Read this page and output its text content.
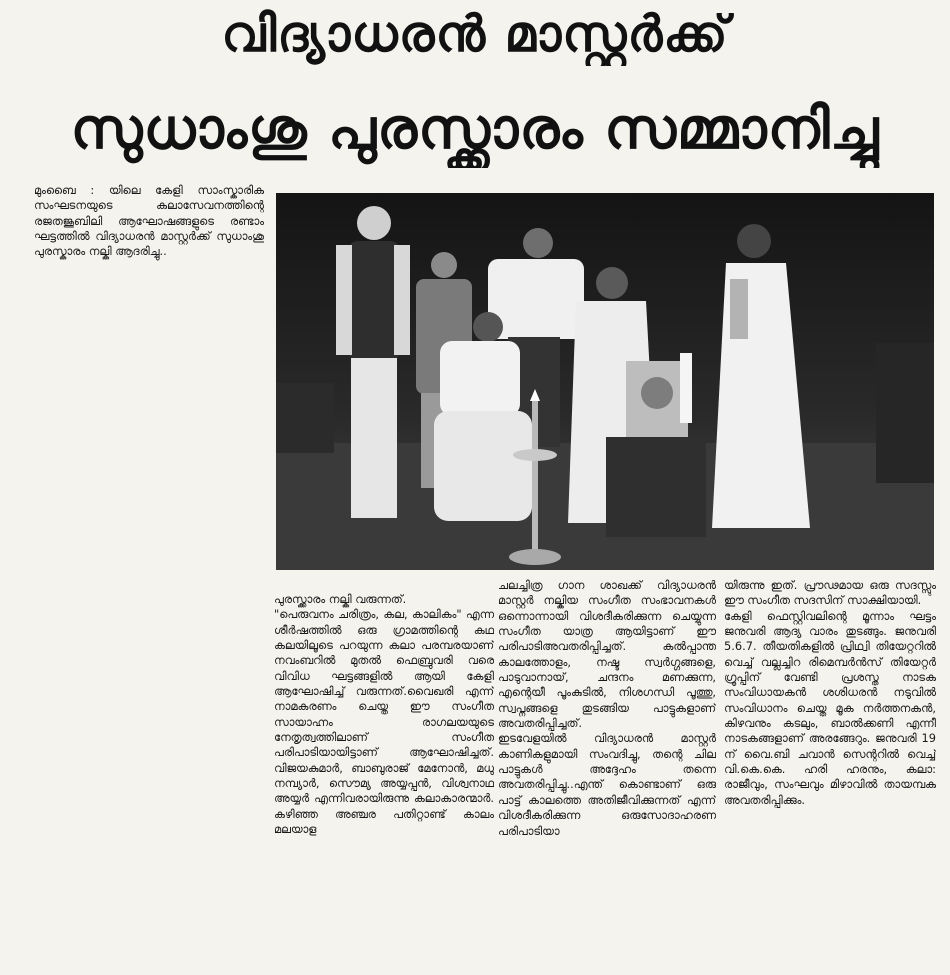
വിദ്യാധരൻ മാസ്റ്റർക്ക്
സുധാംശു പുരസ്ക്കാരം സമ്മാനിച്ചു

മുംബൈ : യിലെ കേളി സാംസ്കാരിക സംഘടനയുടെ കലാസേവനത്തിന്റെ രജതജൂബിലി ആഘോഷങ്ങളുടെ രണ്ടാം ഘട്ടത്തിൽ വിദ്യാധരൻ മാസ്റ്റർക്ക് സുധാംശു പുരസ്കാരം നല്കി ആദരിച്ചു..

പുരസ്ക്കാരം നല്കി വരുന്നത്.

"പെരുവനം ചരിത്രം, കല, കാലികം" എന്ന ശീർഷത്തിൽ ഒരു ഗ്രാമത്തിന്റെ കഥ കലയിലൂടെ പറയുന്ന കലാ പരമ്പരയാണ് നവംബറിൽ മുതൽ ഫെബ്രുവരി വരെ വിവിധ ഘട്ടങ്ങളിൽ ആയി കേളി ആഘോഷിച്ച് വരുന്നത്.വൈഖരി എന്ന് നാമകരണം ചെയ്ത ഈ സംഗീത സായാഹ്നം രാഗലയയുടെ നേതൃത്വത്തിലാണ് സംഗീത പരിപാടിയായിട്ടാണ് ആഘോഷിച്ചത്. വിജയകുമാർ, ബാബുരാജ് മേനോൻ, മധു നമ്പ്യാർ, സൌമ്യ അയ്യപ്പൻ, വിശ്വനാഥ അയ്യർ എന്നിവരായിരുന്നു കലാകാരന്മാർ. കഴിഞ്ഞ അഞ്ചര പതിറ്റാണ്ട് കാലം മലയാള

ചലച്ചിത്ര ഗാന ശാഖക്ക് വിദ്യാധരൻ മാസ്റ്റർ നല്കിയ സംഗീത സംഭാവനകൾ ഒന്നൊന്നായി വിശദീകരിക്കുന്ന ചെയ്യുന്ന സംഗീത യാത്ര ആയിട്ടാണ് ഈ പരിപാടിഅവതരിപ്പിച്ചത്. കൽപ്പാന്ത കാലത്തോളം, നഷ്ട സ്വർഗ്ഗങ്ങളെ, പാടുവാനായ്, ചന്ദനം മണക്കുന്ന, എന്റെയീ പൂംകുടിൽ, നിശഗന്ധി പൂത്തു, സ്വപ്നങ്ങളെ തുടങ്ങിയ പാട്ടുകളാണ് അവതരിപ്പിച്ചത്.

ഇടവേളയിൽ വിദ്യാധരൻ മാസ്റ്റർ കാണികളുമായി സംവദിച്ചു, തന്റെ ചില പാട്ടുകൾ അദ്ദേഹം തന്നെ അവതരിപ്പിച്ചു..എന്ത് കൊണ്ടാണ് ഒരു പാട്ട് കാലത്തെ അതിജീവിക്കുന്നത് എന്ന് വിശദീകരിക്കുന്ന ഒരുസോദാഹരണ പരിപാടിയാ

യിരുന്നു ഇത്. പ്രൗഢമായ ഒരു സദസ്സും ഈ സംഗീത സദസിന് സാക്ഷിയായി.

കേളി ഫെസ്റ്റിവലിന്റെ മൂന്നാം ഘട്ടം ജനുവരി ആദ്യ വാരം തുടങ്ങും. ജനുവരി 5.6.7. തീയതികളിൽ പ്രിഥ്വി തിയേറ്ററിൽ വെച്ച് വല്ലച്ചിറ രിമെമ്പർൻസ് തിയേറ്റർ ഗ്രൂപ്പിന് വേണ്ടി പ്രശസ്ത നാടക സംവിധായകൻ ശശിധരൻ നടുവിൽ സംവിധാനം ചെയ്ത മൂക നർത്തനകൻ, കിഴവനും കടലും, ബാൽക്കണി എന്നീ നാടകങ്ങളാണ് അരങ്ങേറും. ജനുവരി 19 ന് വൈ.ബി ചവാൻ സെന്ററിൽ വെച്ച് വി.കെ.കെ. ഹരി ഹരനും, കലാ: രാജീവും, സംഘവും മിഴാവിൽ തായമ്പക അവതരിപ്പിക്കും.
